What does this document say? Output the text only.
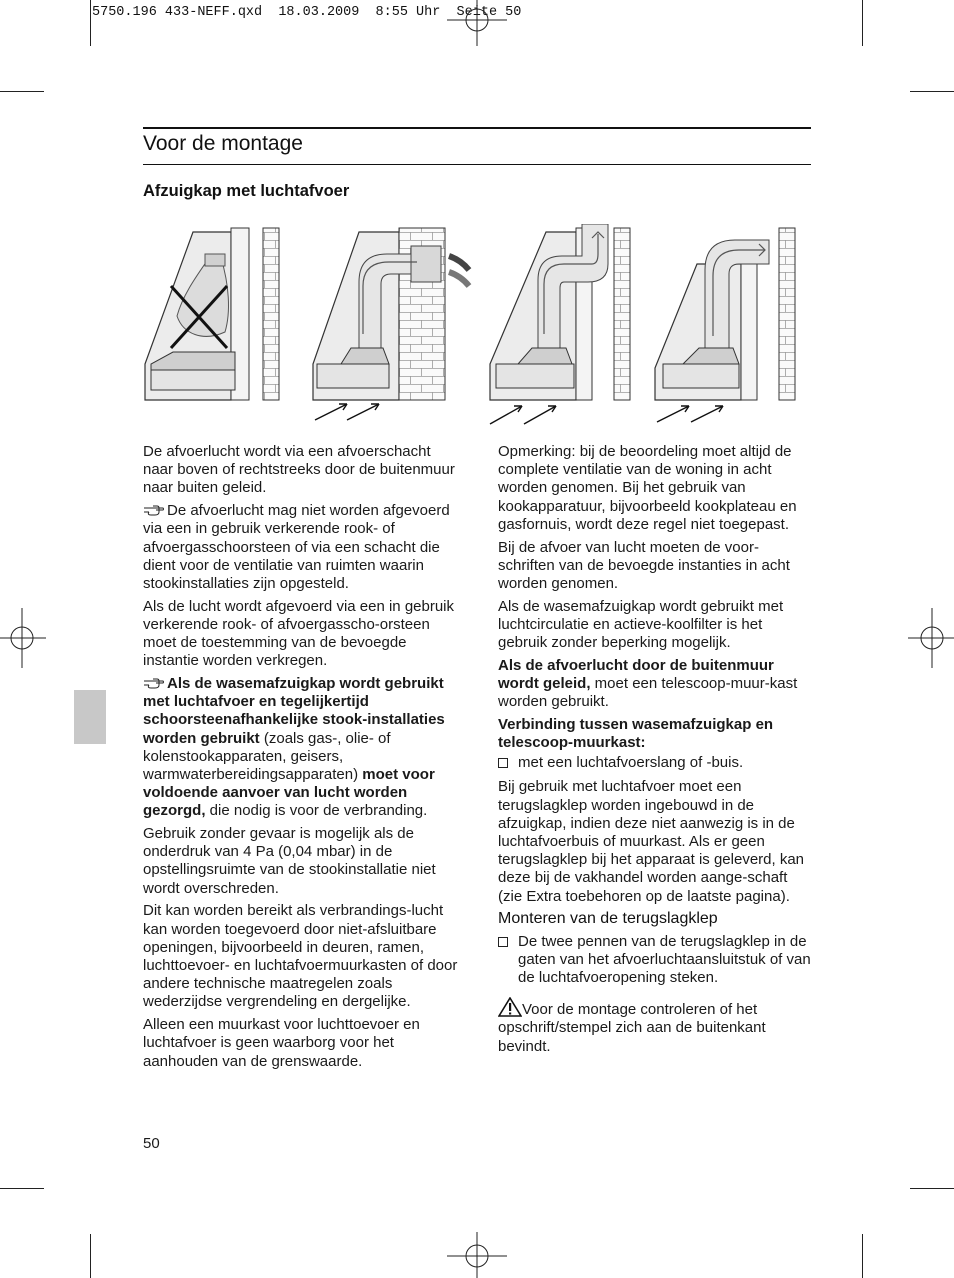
5750.196 433-NEFF.qxd  18.03.2009  8:55 Uhr  Seite 50
Voor de montage
Afzuigkap met luchtafvoer

De afvoerlucht wordt via een afvoerschacht naar boven of rechtstreeks door de buitenmuur naar buiten geleid.

De afvoerlucht mag niet worden afgevoerd via een in gebruik verkerende rook- of afvoergasschoorsteen of via een schacht die dient voor de ventilatie van ruimten waarin stookinstallaties zijn opgesteld.

Als de lucht wordt afgevoerd via een in gebruik verkerende rook- of afvoergasscho-orsteen moet de toestemming van de bevoegde instantie worden verkregen.

Als de wasemafzuigkap wordt gebruikt met luchtafvoer en tegelijkertijd schoorsteenafhankelijke stook-installaties worden gebruikt (zoals gas-, olie- of kolenstookapparaten, geisers, warmwaterbereidingsapparaten) moet voor voldoende aanvoer van lucht worden gezorgd, die nodig is voor de verbranding.

Gebruik zonder gevaar is mogelijk als de onderdruk van 4 Pa (0,04 mbar) in de opstellingsruimte van de stookinstallatie niet wordt overschreden.

Dit kan worden bereikt als verbrandings-lucht kan worden toegevoerd door niet-afsluitbare openingen, bijvoorbeeld in deuren, ramen, luchttoevoer- en luchtafvoermuurkasten of door andere technische maatregelen zoals wederzijdse vergrendeling en dergelijke.

Alleen een muurkast voor luchttoevoer en luchtafvoer is geen waarborg voor het aanhouden van de grenswaarde.

Opmerking: bij de beoordeling moet altijd de complete ventilatie van de woning in acht worden genomen. Bij het gebruik van kookapparatuur, bijvoorbeeld kookplateau en gasfornuis, wordt deze regel niet toegepast.

Bij de afvoer van lucht moeten de voor-schriften van de bevoegde instanties in acht worden genomen.

Als de wasemafzuigkap wordt gebruikt met luchtcirculatie en actieve-koolfilter is het gebruik zonder beperking mogelijk.

Als de afvoerlucht door de buitenmuur wordt geleid, moet een telescoop-muur-kast worden gebruikt.

Verbinding tussen wasemafzuigkap en telescoop-muurkast:

met een luchtafvoerslang of -buis.

Bij gebruik met luchtafvoer moet een terugslagklep worden ingebouwd in de afzuigkap, indien deze niet aanwezig is in de luchtafvoerbuis of muurkast. Als er geen terugslagklep bij het apparaat is geleverd, kan deze bij de vakhandel worden aange-schaft (zie Extra toebehoren op de laatste pagina).

Monteren van de terugslagklep
De twee pennen van de terugslagklep in de gaten van het afvoerluchtaansluitstuk of van de luchtafvoeropening steken.

Voor de montage controleren of het opschrift/stempel zich aan de buitenkant bevindt.

50
